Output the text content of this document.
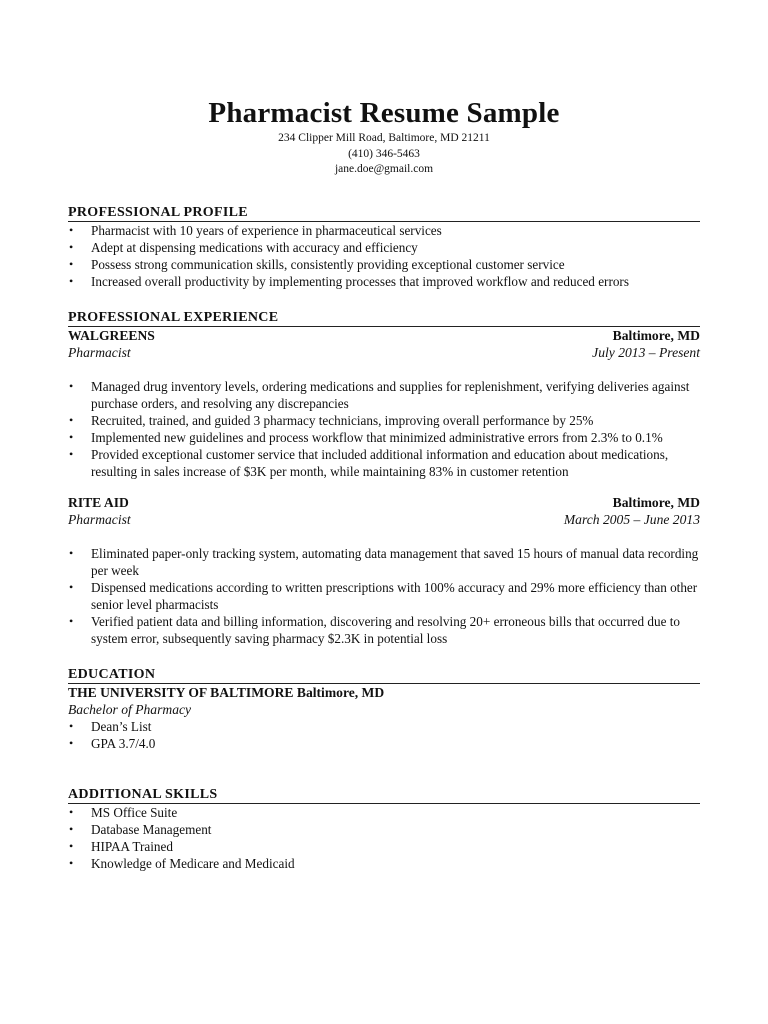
Pharmacist Resume Sample
234 Clipper Mill Road, Baltimore, MD 21211
(410) 346-5463
jane.doe@gmail.com
PROFESSIONAL PROFILE
• Pharmacist with 10 years of experience in pharmaceutical services
• Adept at dispensing medications with accuracy and efficiency
• Possess strong communication skills, consistently providing exceptional customer service
• Increased overall productivity by implementing processes that improved workflow and reduced errors
PROFESSIONAL EXPERIENCE
WALGREENS	Baltimore, MD
Pharmacist	July 2013 – Present
• Managed drug inventory levels, ordering medications and supplies for replenishment, verifying deliveries against purchase orders, and resolving any discrepancies
• Recruited, trained, and guided 3 pharmacy technicians, improving overall performance by 25%
• Implemented new guidelines and process workflow that minimized administrative errors from 2.3% to 0.1%
• Provided exceptional customer service that included additional information and education about medications, resulting in sales increase of $3K per month, while maintaining 83% in customer retention
RITE AID	Baltimore, MD
Pharmacist	March 2005 – June 2013
• Eliminated paper-only tracking system, automating data management that saved 15 hours of manual data recording per week
• Dispensed medications according to written prescriptions with 100% accuracy and 29% more efficiency than other senior level pharmacists
• Verified patient data and billing information, discovering and resolving 20+ erroneous bills that occurred due to system error, subsequently saving pharmacy $2.3K in potential loss
EDUCATION
THE UNIVERSITY OF BALTIMORE Baltimore, MD
Bachelor of Pharmacy
• Dean’s List
• GPA 3.7/4.0
ADDITIONAL SKILLS
• MS Office Suite
• Database Management
• HIPAA Trained
• Knowledge of Medicare and Medicaid
